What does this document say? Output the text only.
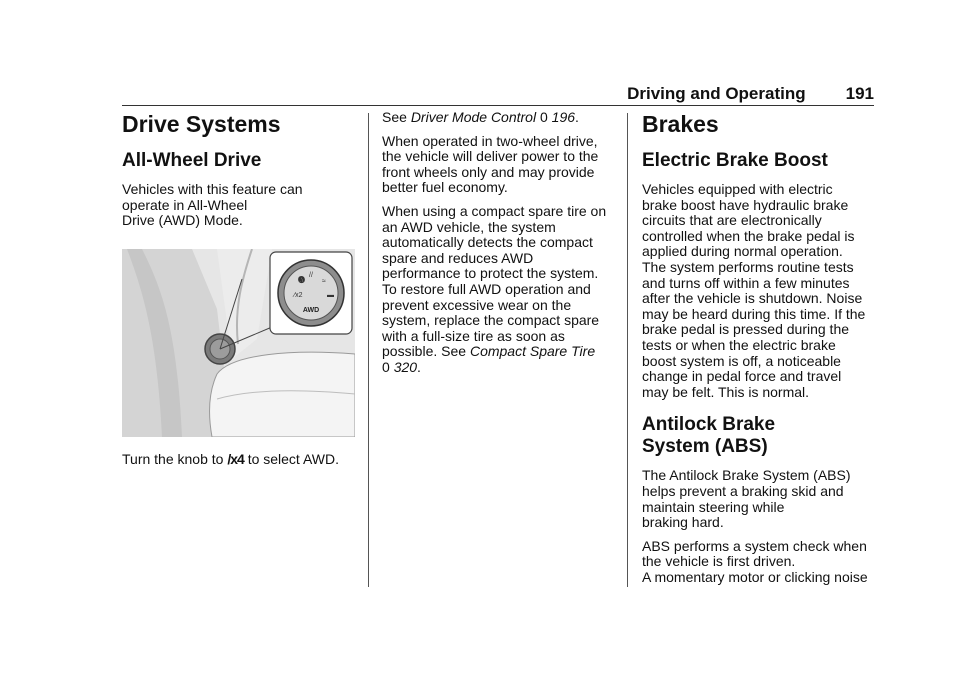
Driving and Operating 191
Drive Systems
All-Wheel Drive

Vehicles with this feature can
operate in All-Wheel
Drive (AWD) Mode.

🅐
//
≈
⁄x2	▬
AWD

Turn the knob to /x4 to select AWD.

See Driver Mode Control 0 196.

When operated in two-wheel drive,
the vehicle will deliver power to the
front wheels only and may provide
better fuel economy.

When using a compact spare tire on
an AWD vehicle, the system
automatically detects the compact
spare and reduces AWD
performance to protect the system.
To restore full AWD operation and
prevent excessive wear on the
system, replace the compact spare
with a full-size tire as soon as
possible. See Compact Spare Tire
0 320.

Brakes
Electric Brake Boost

Vehicles equipped with electric
brake boost have hydraulic brake
circuits that are electronically
controlled when the brake pedal is
applied during normal operation.
The system performs routine tests
and turns off within a few minutes
after the vehicle is shutdown. Noise
may be heard during this time. If the
brake pedal is pressed during the
tests or when the electric brake
boost system is off, a noticeable
change in pedal force and travel
may be felt. This is normal.

Antilock Brake
System (ABS)

The Antilock Brake System (ABS)
helps prevent a braking skid and
maintain steering while
braking hard.

ABS performs a system check when
the vehicle is first driven.
A momentary motor or clicking noise
